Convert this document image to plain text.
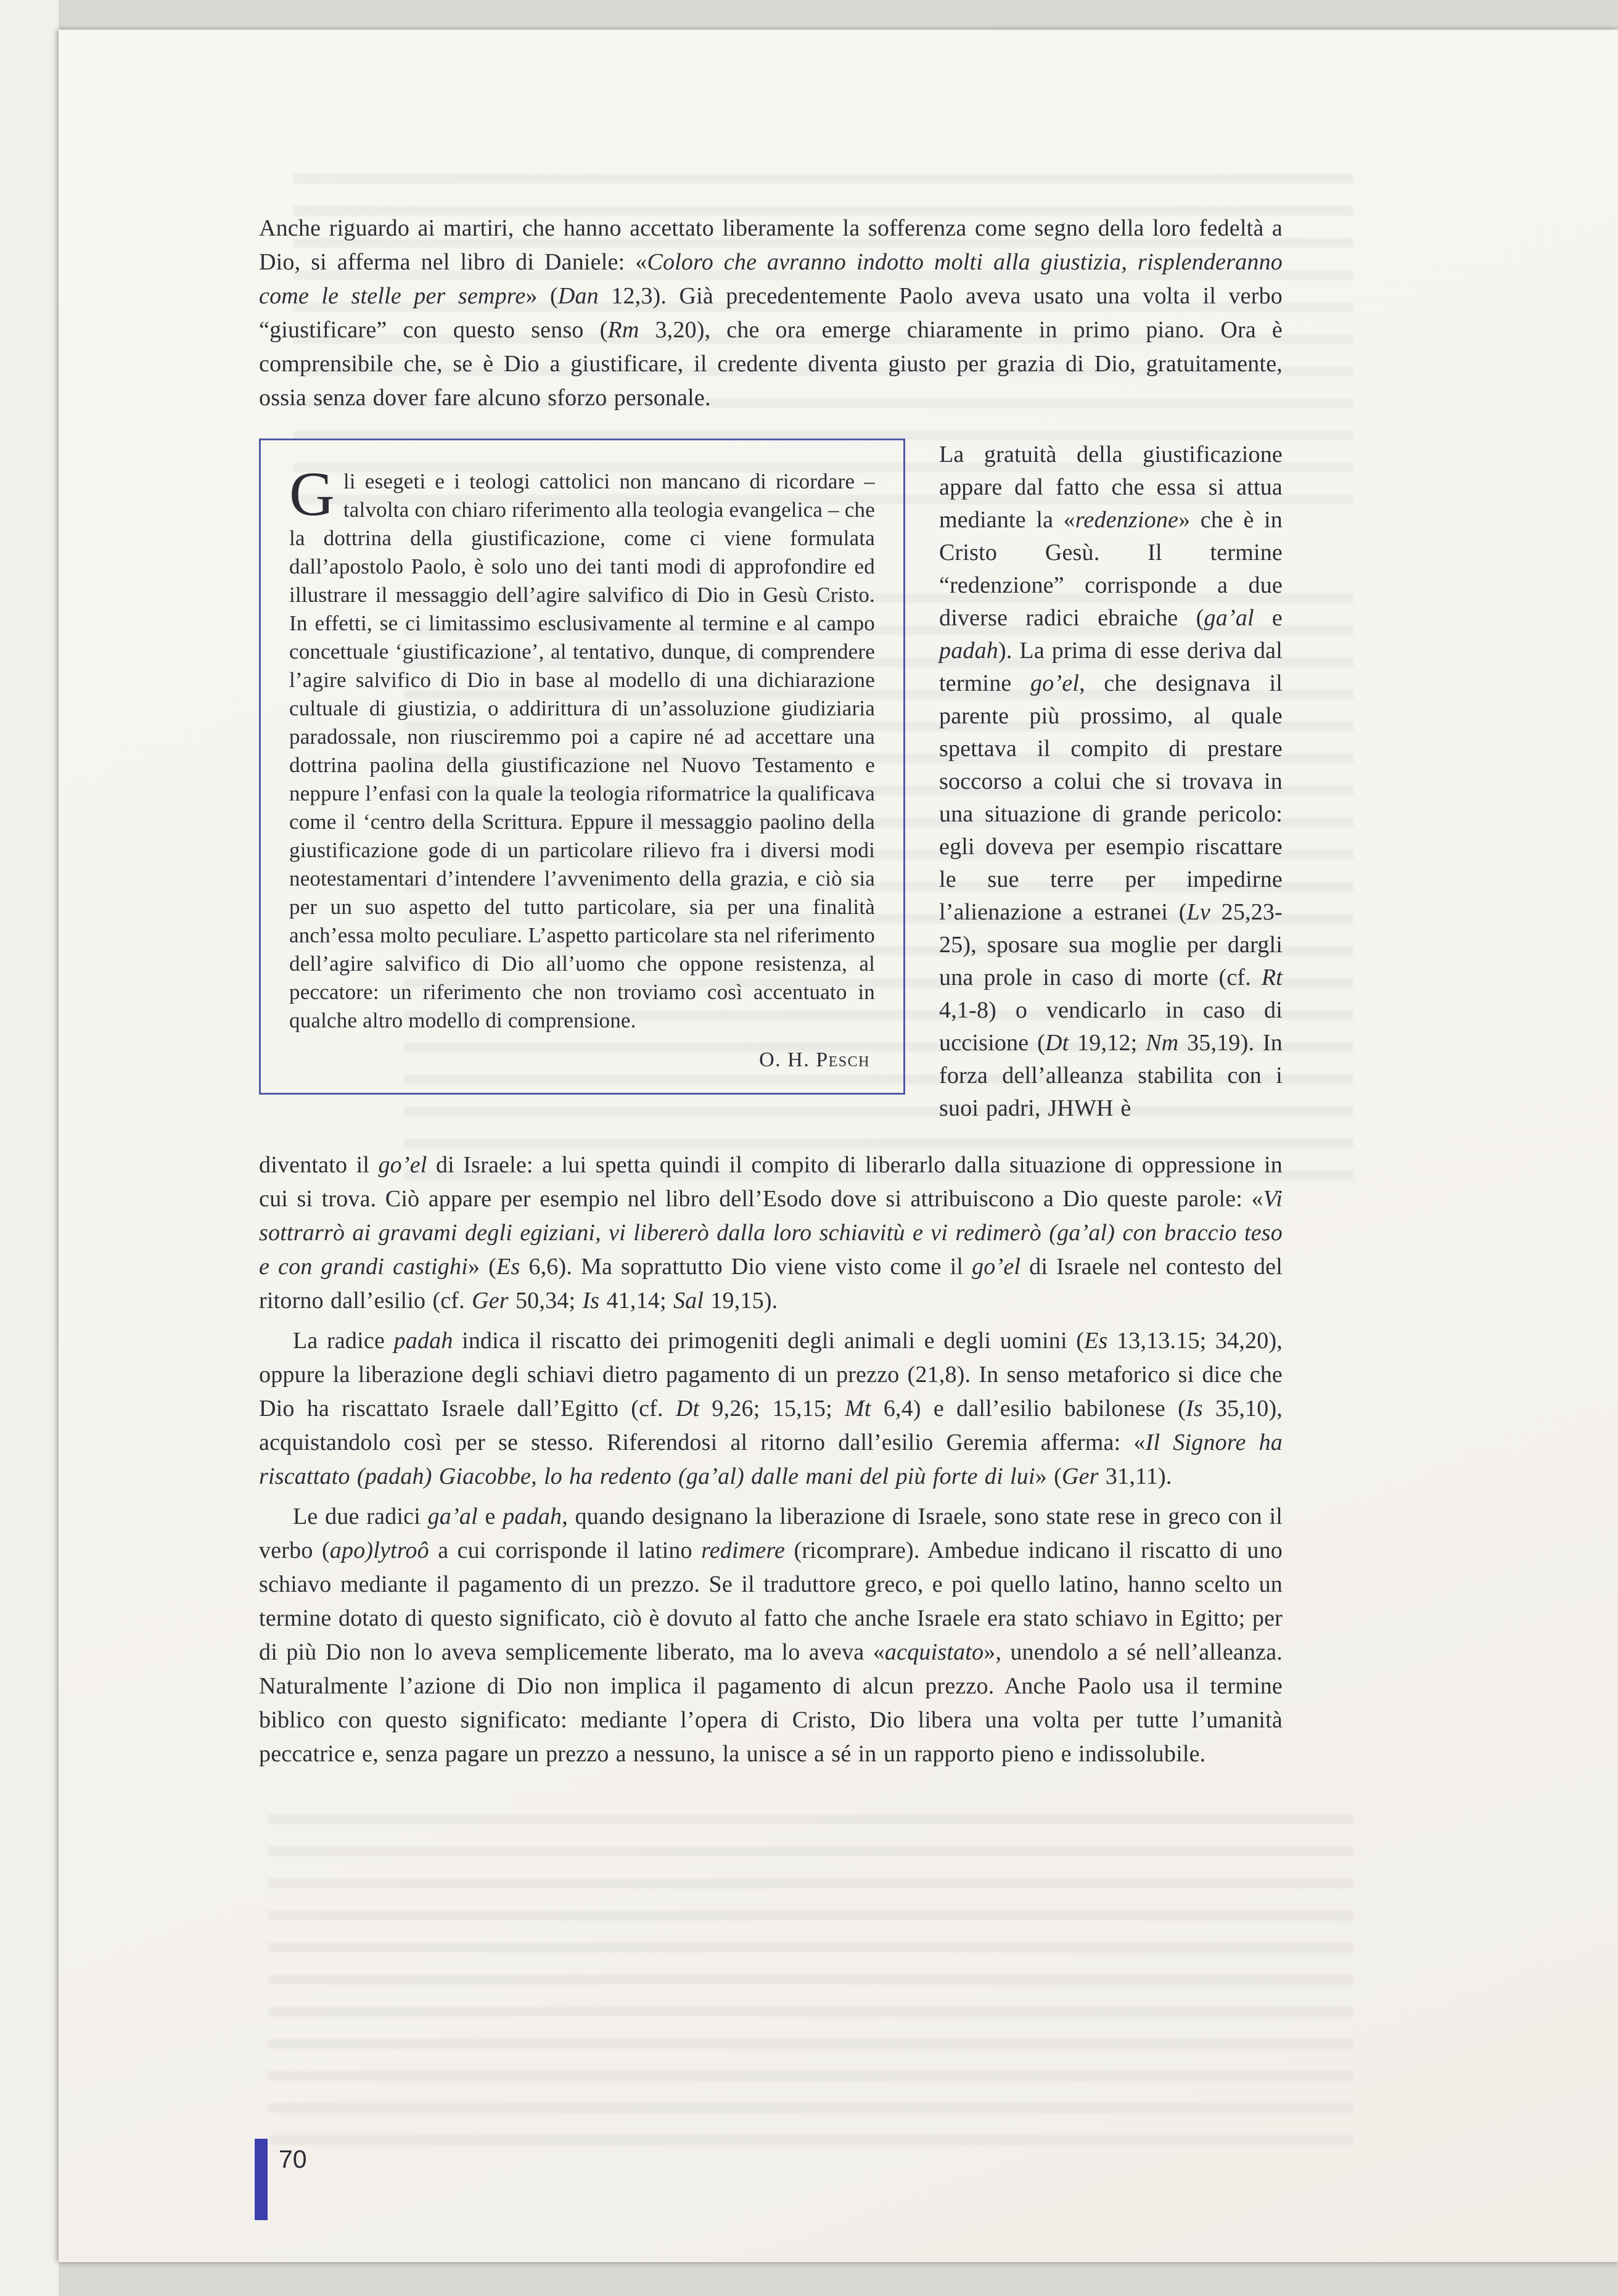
Anche riguardo ai martiri, che hanno accettato liberamente la sofferenza come segno della loro fedeltà a Dio, si afferma nel libro di Daniele: «Coloro che avranno indotto molti alla giustizia, risplenderanno come le stelle per sempre» (Dan 12,3). Già precedentemente Paolo aveva usato una volta il verbo “giustificare” con questo senso (Rm 3,20), che ora emerge chiaramente in primo piano. Ora è comprensibile che, se è Dio a giustificare, il credente diventa giusto per grazia di Dio, gratuitamente, ossia senza dover fare alcuno sforzo personale.

Gli esegeti e i teologi cattolici non mancano di ricordare – talvolta con chiaro riferimento alla teologia evangelica – che la dottrina della giustificazione, come ci viene formulata dall’apostolo Paolo, è solo uno dei tanti modi di approfondire ed illustrare il messaggio dell’agire salvifico di Dio in Gesù Cristo. In effetti, se ci limitassimo esclusivamente al termine e al campo concettuale ‘giustificazione’, al tentativo, dunque, di comprendere l’agire salvifico di Dio in base al modello di una dichiarazione cultuale di giustizia, o addirittura di un’assoluzione giudiziaria paradossale, non riusciremmo poi a capire né ad accettare una dottrina paolina della giustificazione nel Nuovo Testamento e neppure l’enfasi con la quale la teologia riformatrice la qualificava come il ‘centro della Scrittura. Eppure il messaggio paolino della giustificazione gode di un particolare rilievo fra i diversi modi neotestamentari d’intendere l’avvenimento della grazia, e ciò sia per un suo aspetto del tutto particolare, sia per una finalità anch’essa molto peculiare. L’aspetto particolare sta nel riferimento dell’agire salvifico di Dio all’uomo che oppone resistenza, al peccatore: un riferimento che non troviamo così accentuato in qualche altro modello di comprensione.
O. H. Pesch
La gratuità della giustificazione appare dal fatto che essa si attua mediante la «redenzione» che è in Cristo Gesù. Il termine “redenzione” corrisponde a due diverse radici ebraiche (ga’al e padah). La prima di esse deriva dal termine go’el, che designava il parente più prossimo, al quale spettava il compito di prestare soccorso a colui che si trovava in una situazione di grande pericolo: egli doveva per esempio riscattare le sue terre per impedirne l’alienazione a estranei (Lv 25,23-25), sposare sua moglie per dargli una prole in caso di morte (cf. Rt 4,1-8) o vendicarlo in caso di uccisione (Dt 19,12; Nm 35,19). In forza dell’alleanza stabilita con i suoi padri, JHWH è

diventato il go’el di Israele: a lui spetta quindi il compito di liberarlo dalla situazione di oppressione in cui si trova. Ciò appare per esempio nel libro dell’Esodo dove si attribuiscono a Dio queste parole: «Vi sottrarrò ai gravami degli egiziani, vi libererò dalla loro schiavitù e vi redimerò (ga’al) con braccio teso e con grandi castighi» (Es 6,6). Ma soprattutto Dio viene visto come il go’el di Israele nel contesto del ritorno dall’esilio (cf. Ger 50,34; Is 41,14; Sal 19,15).

La radice padah indica il riscatto dei primogeniti degli animali e degli uomini (Es 13,13.15; 34,20), oppure la liberazione degli schiavi dietro pagamento di un prezzo (21,8). In senso metaforico si dice che Dio ha riscattato Israele dall’Egitto (cf. Dt 9,26; 15,15; Mt 6,4) e dall’esilio babilonese (Is 35,10), acquistandolo così per se stesso. Riferendosi al ritorno dall’esilio Geremia afferma: «Il Signore ha riscattato (padah) Giacobbe, lo ha redento (ga’al) dalle mani del più forte di lui» (Ger 31,11).

Le due radici ga’al e padah, quando designano la liberazione di Israele, sono state rese in greco con il verbo (apo)lytroô a cui corrisponde il latino redimere (ricomprare). Ambedue indicano il riscatto di uno schiavo mediante il pagamento di un prezzo. Se il traduttore greco, e poi quello latino, hanno scelto un termine dotato di questo significato, ciò è dovuto al fatto che anche Israele era stato schiavo in Egitto; per di più Dio non lo aveva semplicemente liberato, ma lo aveva «acquistato», unendolo a sé nell’alleanza. Naturalmente l’azione di Dio non implica il pagamento di alcun prezzo. Anche Paolo usa il termine biblico con questo significato: mediante l’opera di Cristo, Dio libera una volta per tutte l’umanità peccatrice e, senza pagare un prezzo a nessuno, la unisce a sé in un rapporto pieno e indissolubile.

70
